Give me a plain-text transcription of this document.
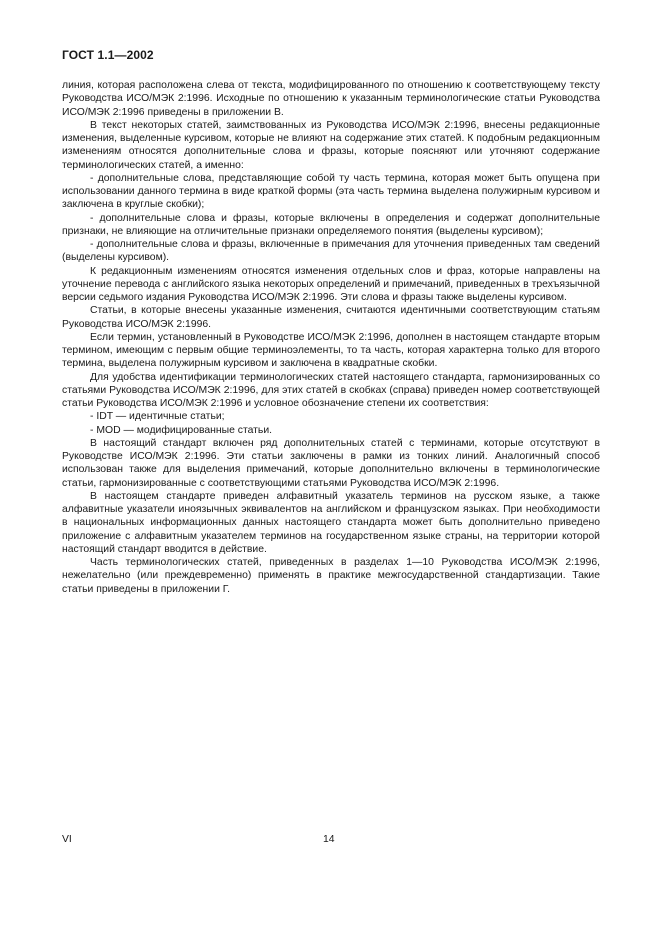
ГОСТ 1.1—2002

линия, которая расположена слева от текста, модифицированного по отношению к соответствующему тексту Руководства ИСО/МЭК 2:1996. Исходные по отношению к указанным терминологические статьи Руководства ИСО/МЭК 2:1996 приведены в приложении В.

В текст некоторых статей, заимствованных из Руководства ИСО/МЭК 2:1996, внесены редакционные изменения, выделенные курсивом, которые не влияют на содержание этих статей. К подобным редакционным изменениям относятся дополнительные слова и фразы, которые поясняют или уточняют содержание терминологических статей, а именно:

- дополнительные слова, представляющие собой ту часть термина, которая может быть опущена при использовании данного термина в виде краткой формы (эта часть термина выделена полужирным курсивом и заключена в круглые скобки);

- дополнительные слова и фразы, которые включены в определения и содержат дополнительные признаки, не влияющие на отличительные признаки определяемого понятия (выделены курсивом);

- дополнительные слова и фразы, включенные в примечания для уточнения приведенных там сведений (выделены курсивом).

К редакционным изменениям относятся изменения отдельных слов и фраз, которые направлены на уточнение перевода с английского языка некоторых определений и примечаний, приведенных в трехъязычной версии седьмого издания Руководства ИСО/МЭК 2:1996. Эти слова и фразы также выделены курсивом.

Статьи, в которые внесены указанные изменения, считаются идентичными соответствующим статьям Руководства ИСО/МЭК 2:1996.

Если термин, установленный в Руководстве ИСО/МЭК 2:1996, дополнен в настоящем стандарте вторым термином, имеющим с первым общие терминоэлементы, то та часть, которая характерна только для второго термина, выделена полужирным курсивом и заключена в квадратные скобки.

Для удобства идентификации терминологических статей настоящего стандарта, гармонизированных со статьями Руководства ИСО/МЭК 2:1996, для этих статей в скобках (справа) приведен номер соответствующей статьи Руководства ИСО/МЭК 2:1996 и условное обозначение степени их соответствия:

- IDT — идентичные статьи;

- MOD — модифицированные статьи.

В настоящий стандарт включен ряд дополнительных статей с терминами, которые отсутствуют в Руководстве ИСО/МЭК 2:1996. Эти статьи заключены в рамки из тонких линий. Аналогичный способ использован также для выделения примечаний, которые дополнительно включены в терминологические статьи, гармонизированные с соответствующими статьями Руководства ИСО/МЭК 2:1996.

В настоящем стандарте приведен алфавитный указатель терминов на русском языке, а также алфавитные указатели иноязычных эквивалентов на английском и французском языках. При необходимости в национальных информационных данных настоящего стандарта может быть дополнительно приведено приложение с алфавитным указателем терминов на государственном языке страны, на территории которой настоящий стандарт вводится в действие.

Часть терминологических статей, приведенных в разделах 1—10 Руководства ИСО/МЭК 2:1996, нежелательно (или преждевременно) применять в практике межгосударственной стандартизации. Такие статьи приведены в приложении Г.

VI	14
